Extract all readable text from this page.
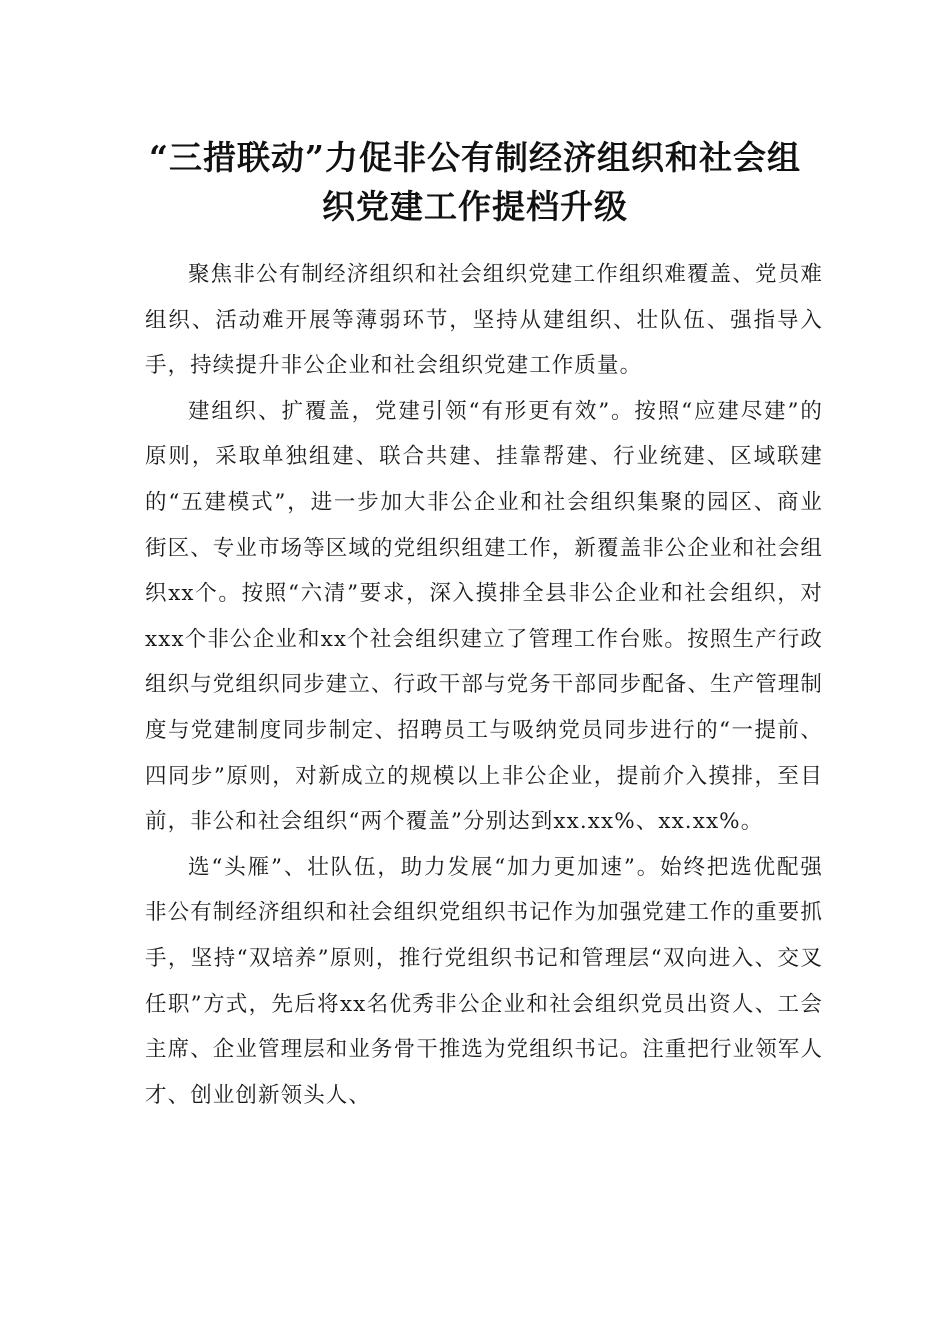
“三措联动”力促非公有制经济组织和社会组
织党建工作提档升级

聚焦非公有制经济组织和社会组织党建工作组织难覆盖、党员难组织、活动难开展等薄弱环节，坚持从建组织、壮队伍、强指导入手，持续提升非公企业和社会组织党建工作质量。

建组织、扩覆盖，党建引领“有形更有效”。按照“应建尽建”的原则，采取单独组建、联合共建、挂靠帮建、行业统建、区域联建的“五建模式”，进一步加大非公企业和社会组织集聚的园区、商业街区、专业市场等区域的党组织组建工作，新覆盖非公企业和社会组织xx个。按照“六清”要求，深入摸排全县非公企业和社会组织，对xxx个非公企业和xx个社会组织建立了管理工作台账。按照生产行政组织与党组织同步建立、行政干部与党务干部同步配备、生产管理制度与党建制度同步制定、招聘员工与吸纳党员同步进行的“一提前、四同步”原则，对新成立的规模以上非公企业，提前介入摸排，至目前，非公和社会组织“两个覆盖”分别达到xx.xx%、xx.xx%。

选“头雁”、壮队伍，助力发展“加力更加速”。始终把选优配强非公有制经济组织和社会组织党组织书记作为加强党建工作的重要抓手，坚持“双培养”原则，推行党组织书记和管理层“双向进入、交叉任职”方式，先后将xx名优秀非公企业和社会组织党员出资人、工会主席、企业管理层和业务骨干推选为党组织书记。注重把行业领军人才、创业创新领头人、
